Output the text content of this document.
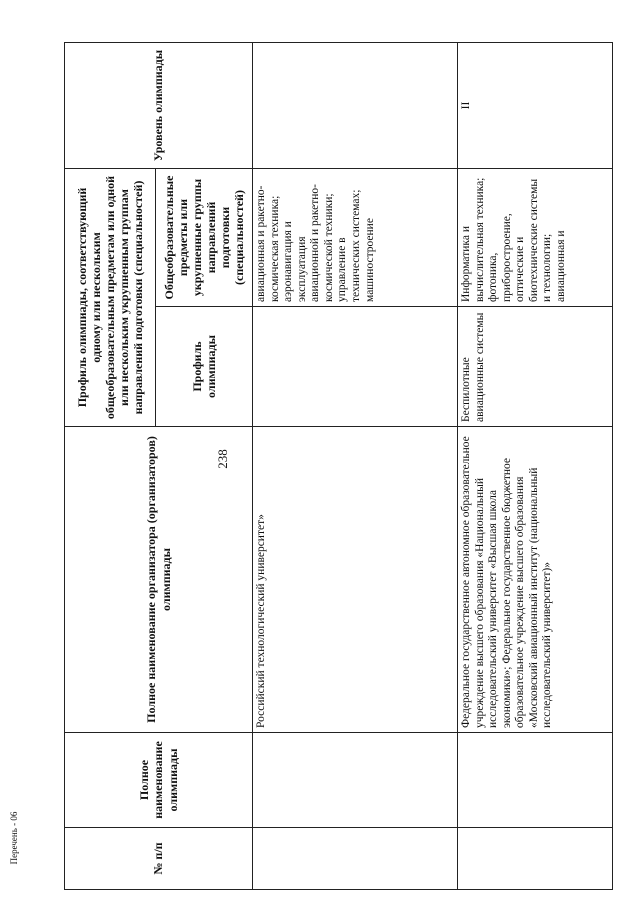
238
Перечень - 06	№ п/п	Полное наименование олимпиады	Полное наименование организатора (организаторов) олимпиады	Профиль олимпиады, соответствующий одному или нескольким общеобразовательным предметам или одной или нескольким укрупненным группам направлений подготовки (специальностей)		Уровень олимпиады
			Профиль олимпиады	Общеобразовательные предметы или укрупненные группы направлений подготовки (специальностей)	
		Российский технологический университет»		авиационная и ракетно-космическая техника; аэронавигация и эксплуатация авиационной и ракетно-космической техники; управление в технических системах; машиностроение	
		Федеральное государственное автономное образовательное учреждение высшего образования «Национальный исследовательский университет «Высшая школа экономики»; Федеральное государственное бюджетное образовательное учреждение высшего образования «Московский авиационный институт (национальный исследовательский университет)»	Беспилотные авиационные системы	Информатика и вычислительная техника; фотоника, приборостроение, оптические и биотехнические системы и технологии; авиационная и	II
